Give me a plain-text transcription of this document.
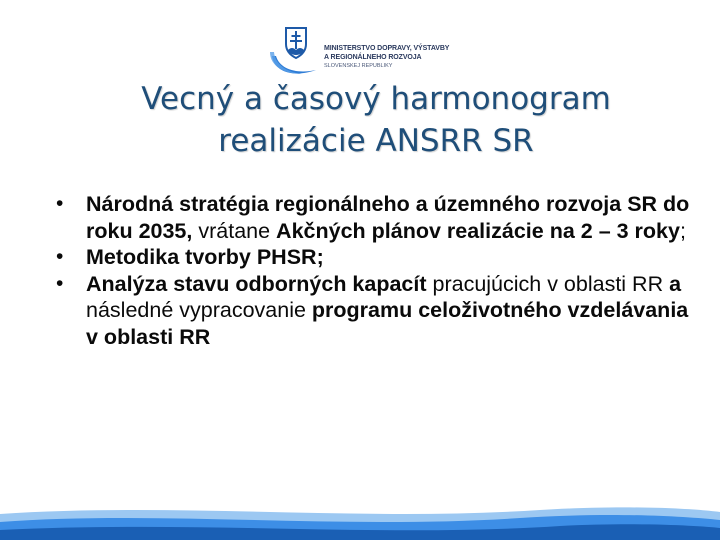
MINISTERSTVO DOPRAVY, VÝSTAVBY
A REGIONÁLNEHO ROZVOJA
SLOVENSKEJ REPUBLIKY
Vecný a časový harmonogram
realizácie ANSRR SR
•	Národná stratégia regionálneho a územného rozvoja SR do roku 2035, vrátane Akčných plánov realizácie na 2 – 3 roky;
•	Metodika tvorby PHSR;
•	Analýza stavu odborných kapacít pracujúcich v oblasti RR a následné vypracovanie programu celoživotného vzdelávania v oblasti RR
